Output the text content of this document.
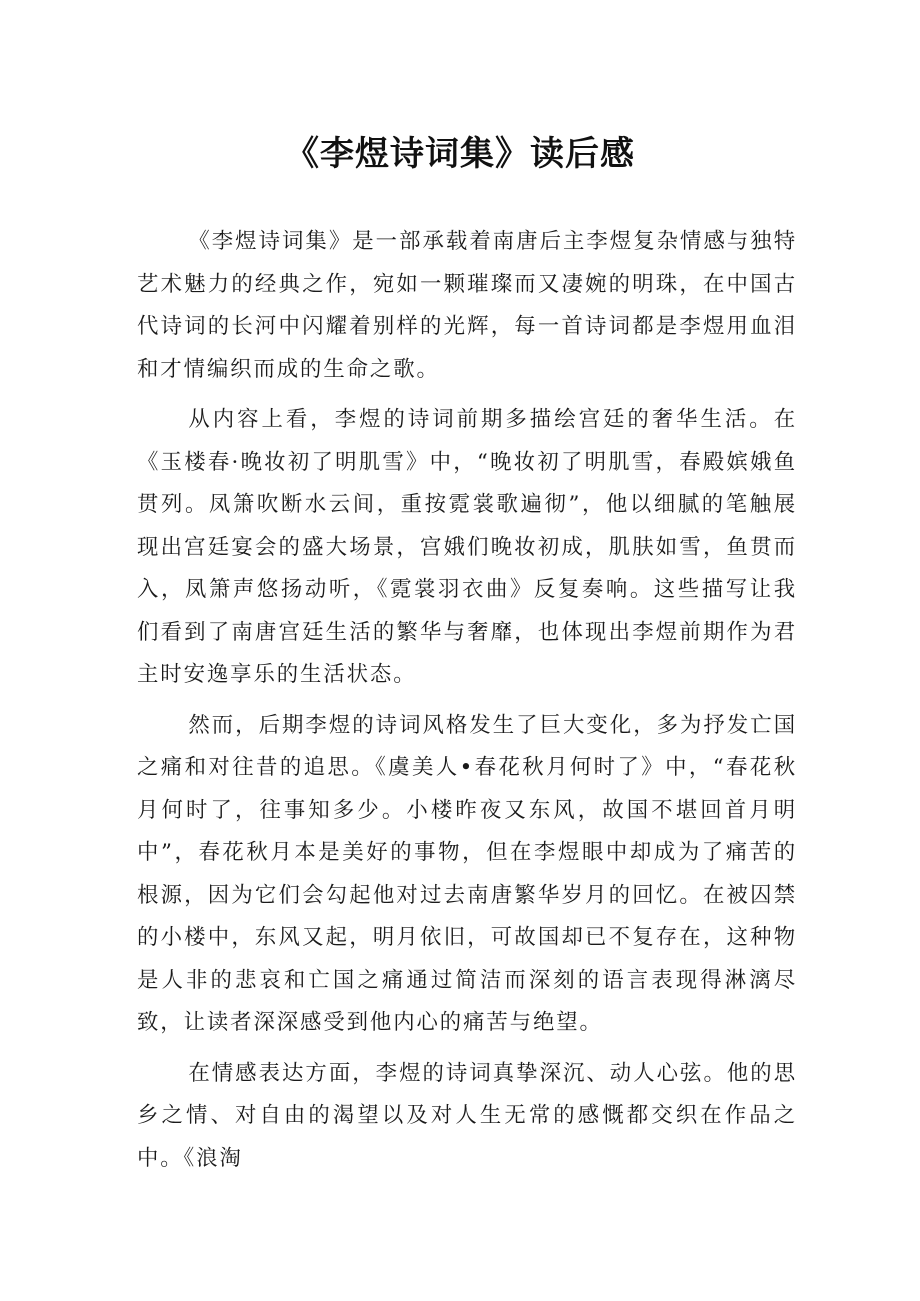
《李煜诗词集》读后感

《李煜诗词集》是一部承载着南唐后主李煜复杂情感与独特艺术魅力的经典之作，宛如一颗璀璨而又凄婉的明珠，在中国古代诗词的长河中闪耀着别样的光辉，每一首诗词都是李煜用血泪和才情编织而成的生命之歌。

从内容上看，李煜的诗词前期多描绘宫廷的奢华生活。在《玉楼春·晚妆初了明肌雪》中，“晚妆初了明肌雪，春殿嫔娥鱼贯列。凤箫吹断水云间，重按霓裳歌遍彻”，他以细腻的笔触展现出宫廷宴会的盛大场景，宫娥们晚妆初成，肌肤如雪，鱼贯而入，凤箫声悠扬动听，《霓裳羽衣曲》反复奏响。这些描写让我们看到了南唐宫廷生活的繁华与奢靡，也体现出李煜前期作为君主时安逸享乐的生活状态。

然而，后期李煜的诗词风格发生了巨大变化，多为抒发亡国之痛和对往昔的追思。《虞美人•春花秋月何时了》中，“春花秋月何时了，往事知多少。小楼昨夜又东风，故国不堪回首月明中”，春花秋月本是美好的事物，但在李煜眼中却成为了痛苦的根源，因为它们会勾起他对过去南唐繁华岁月的回忆。在被囚禁的小楼中，东风又起，明月依旧，可故国却已不复存在，这种物是人非的悲哀和亡国之痛通过简洁而深刻的语言表现得淋漓尽致，让读者深深感受到他内心的痛苦与绝望。

在情感表达方面，李煜的诗词真挚深沉、动人心弦。他的思乡之情、对自由的渴望以及对人生无常的感慨都交织在作品之中。《浪淘
